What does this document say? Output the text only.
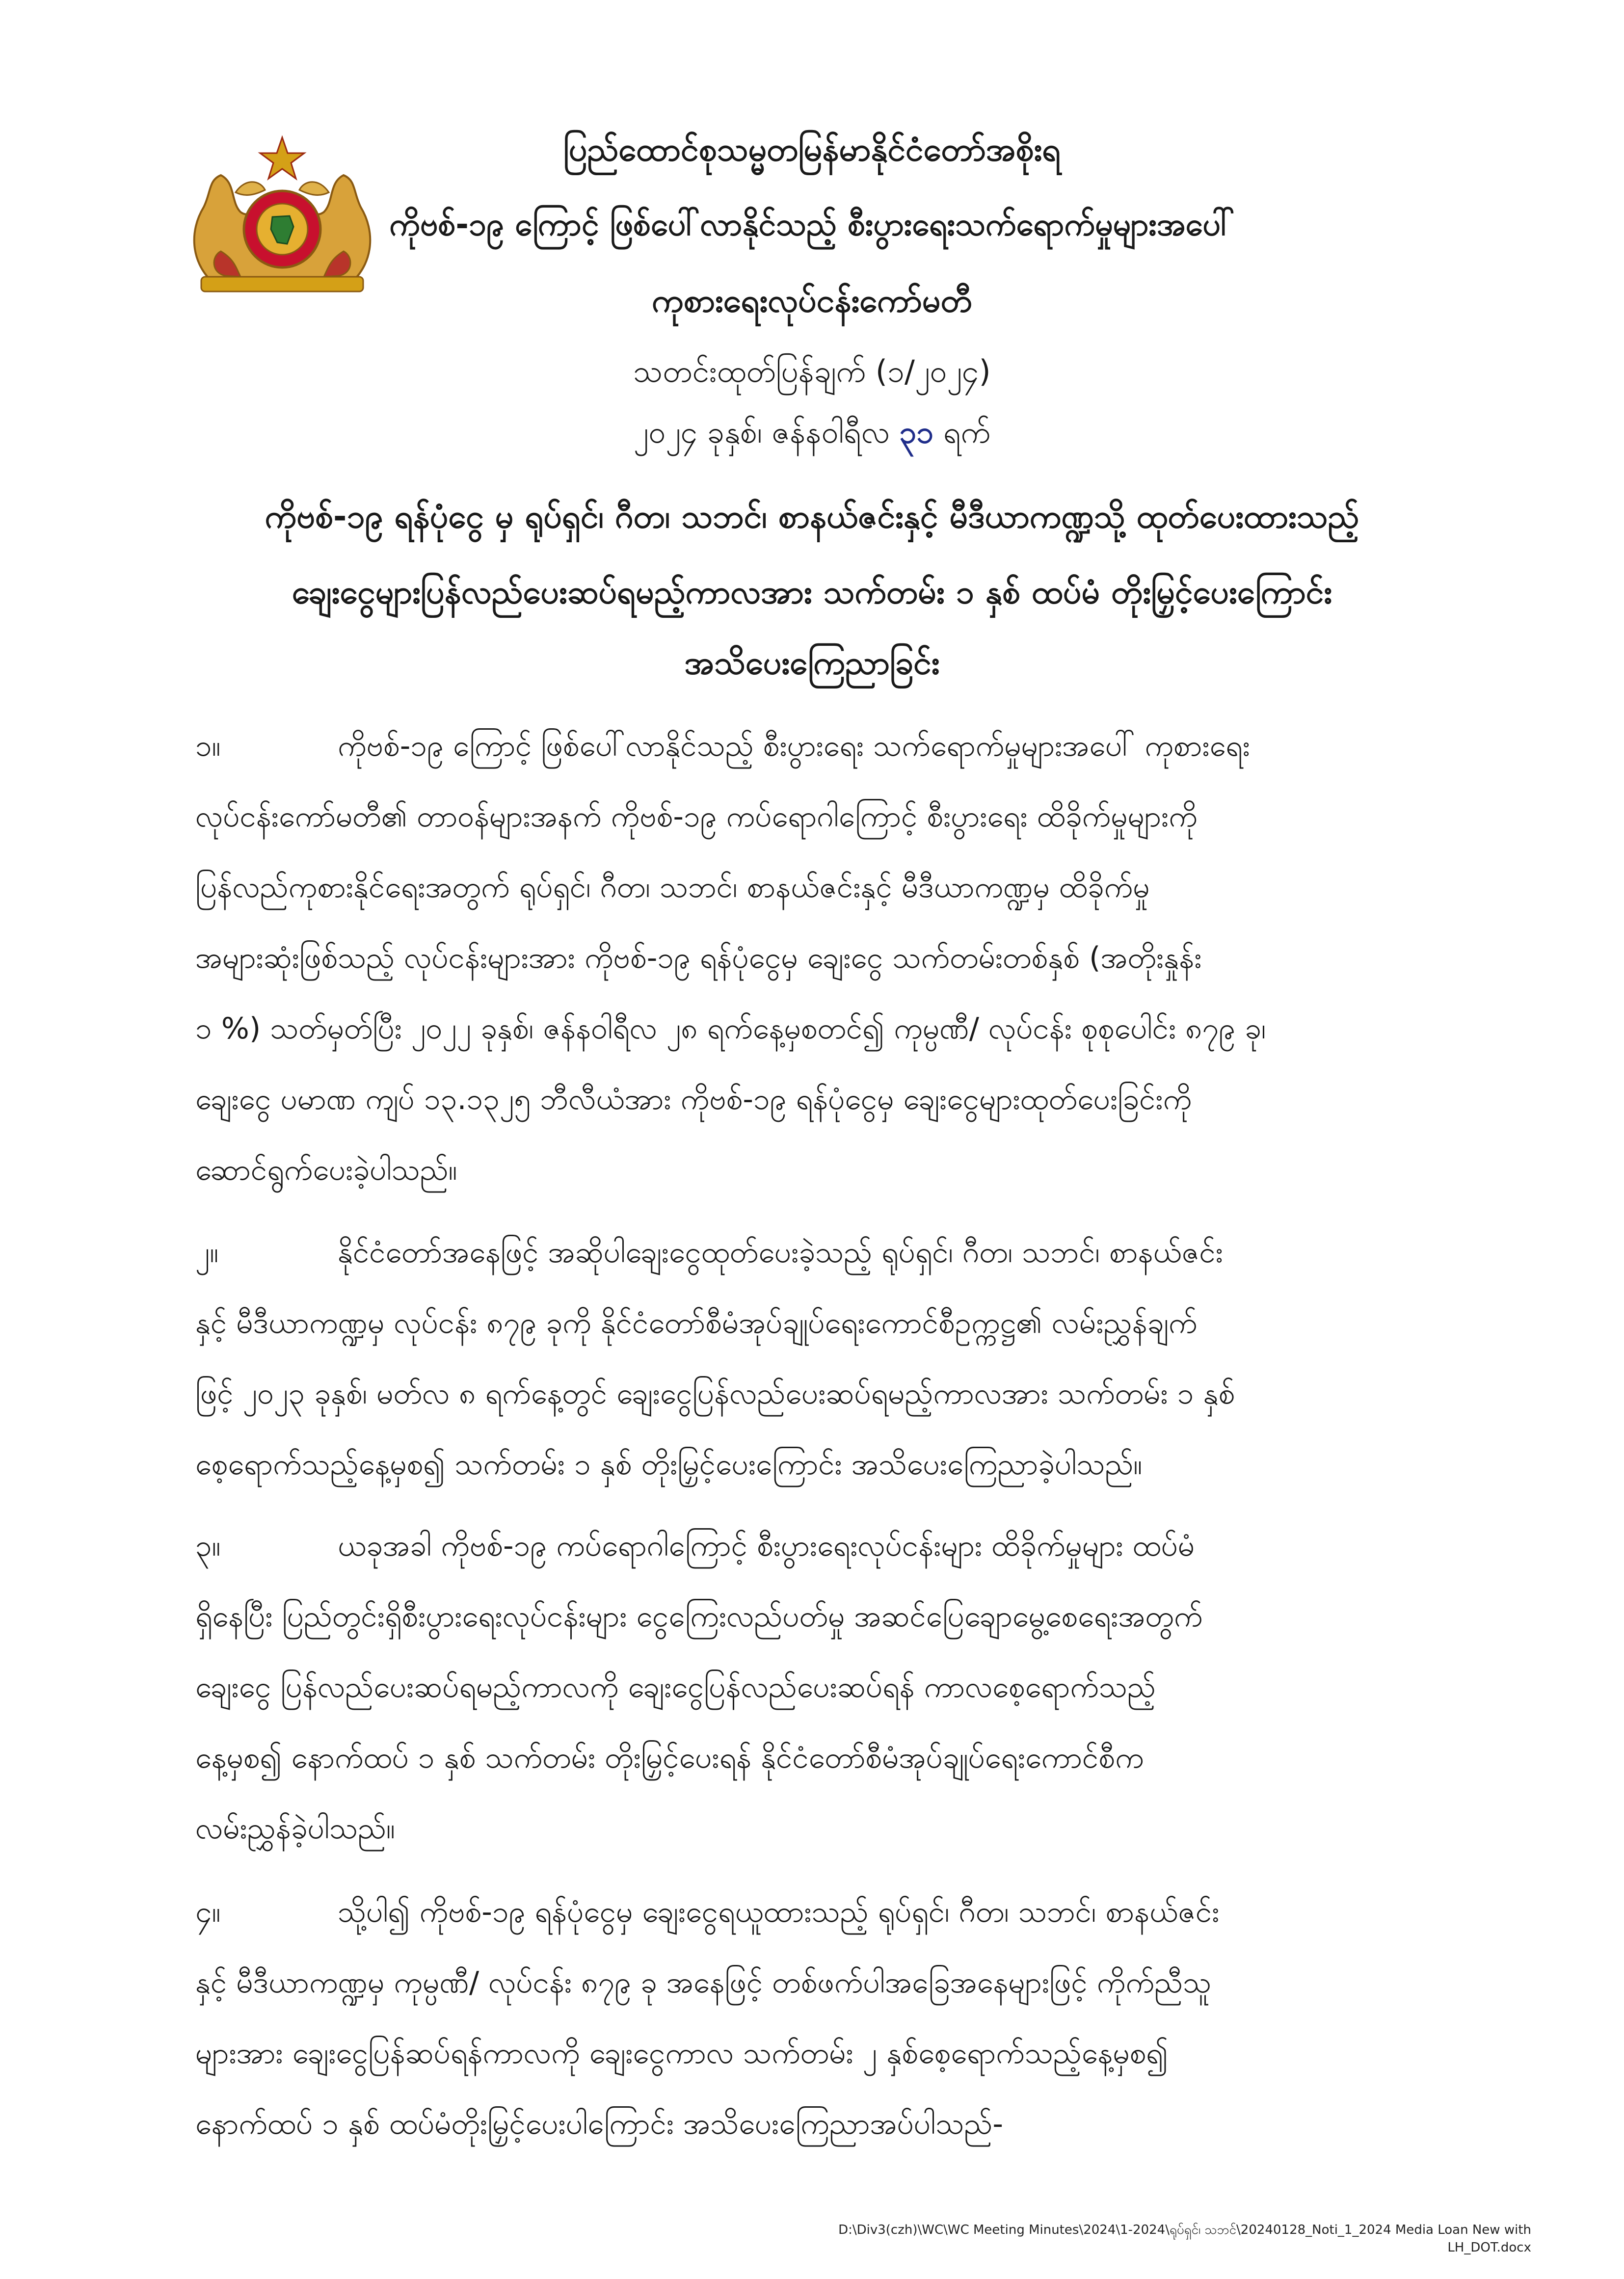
ပြည်ထောင်စုသမ္မတမြန်မာနိုင်ငံတော်အစိုးရ
ကိုဗစ်-၁၉ ကြောင့် ဖြစ်ပေါ်လာနိုင်သည့် စီးပွားရေးသက်ရောက်မှုများအပေါ်
ကုစားရေးလုပ်ငန်းကော်မတီ
သတင်းထုတ်ပြန်ချက် (၁/၂၀၂၄)
၂၀၂၄ ခုနှစ်၊ ဇန်နဝါရီလ ၃၁ ရက်
ကိုဗစ်-၁၉ ရန်ပုံငွေ မှ ရုပ်ရှင်၊ ဂီတ၊ သဘင်၊ စာနယ်ဇင်းနှင့် မီဒီယာကဏ္ဍသို့ ထုတ်ပေးထားသည့်
ချေးငွေများပြန်လည်ပေးဆပ်ရမည့်ကာလအား သက်တမ်း ၁ နှစ် ထပ်မံ တိုးမြှင့်ပေးကြောင်း
အသိပေးကြေညာခြင်း
၁။	ကိုဗစ်-၁၉ ကြောင့် ဖြစ်ပေါ်လာနိုင်သည့် စီးပွားရေး သက်ရောက်မှုများအပေါ် ကုစားရေး
လုပ်ငန်းကော်မတီ၏ တာဝန်များအနက် ကိုဗစ်-၁၉ ကပ်ရောဂါကြောင့် စီးပွားရေး ထိခိုက်မှုများကို
ပြန်လည်ကုစားနိုင်ရေးအတွက် ရုပ်ရှင်၊ ဂီတ၊ သဘင်၊ စာနယ်ဇင်းနှင့် မီဒီယာကဏ္ဍမှ ထိခိုက်မှု
အများဆုံးဖြစ်သည့် လုပ်ငန်းများအား ကိုဗစ်-၁၉ ရန်ပုံငွေမှ ချေးငွေ သက်တမ်းတစ်နှစ် (အတိုးနှုန်း
၁ %) သတ်မှတ်ပြီး ၂၀၂၂ ခုနှစ်၊ ဇန်နဝါရီလ ၂၈ ရက်နေ့မှစတင်၍ ကုမ္ပဏီ/ လုပ်ငန်း စုစုပေါင်း ၈၇၉ ခု၊
ချေးငွေ ပမာဏ ကျပ် ၁၃.၁၃၂၅ ဘီလီယံအား ကိုဗစ်-၁၉ ရန်ပုံငွေမှ ချေးငွေများထုတ်ပေးခြင်းကို
ဆောင်ရွက်ပေးခဲ့ပါသည်။
၂။	နိုင်ငံတော်အနေဖြင့် အဆိုပါချေးငွေထုတ်ပေးခဲ့သည့် ရုပ်ရှင်၊ ဂီတ၊ သဘင်၊ စာနယ်ဇင်း
နှင့် မီဒီယာကဏ္ဍမှ လုပ်ငန်း ၈၇၉ ခုကို နိုင်ငံတော်စီမံအုပ်ချုပ်ရေးကောင်စီဥက္ကဋ္ဌ၏ လမ်းညွှန်ချက်
ဖြင့် ၂၀၂၃ ခုနှစ်၊ မတ်လ ၈ ရက်နေ့တွင် ချေးငွေပြန်လည်ပေးဆပ်ရမည့်ကာလအား သက်တမ်း ၁ နှစ်
စေ့ရောက်သည့်နေ့မှစ၍ သက်တမ်း ၁ နှစ် တိုးမြှင့်ပေးကြောင်း အသိပေးကြေညာခဲ့ပါသည်။
၃။	ယခုအခါ ကိုဗစ်-၁၉ ကပ်ရောဂါကြောင့် စီးပွားရေးလုပ်ငန်းများ ထိခိုက်မှုများ ထပ်မံ
ရှိနေပြီး ပြည်တွင်းရှိစီးပွားရေးလုပ်ငန်းများ ငွေကြေးလည်ပတ်မှု အဆင်ပြေချောမွေ့စေရေးအတွက်
ချေးငွေ ပြန်လည်ပေးဆပ်ရမည့်ကာလကို ချေးငွေပြန်လည်ပေးဆပ်ရန် ကာလစေ့ရောက်သည့်
နေ့မှစ၍ နောက်ထပ် ၁ နှစ် သက်တမ်း တိုးမြှင့်ပေးရန် နိုင်ငံတော်စီမံအုပ်ချုပ်ရေးကောင်စီက
လမ်းညွှန်ခဲ့ပါသည်။
၄။	သို့ပါ၍ ကိုဗစ်-၁၉ ရန်ပုံငွေမှ ချေးငွေရယူထားသည့် ရုပ်ရှင်၊ ဂီတ၊ သဘင်၊ စာနယ်ဇင်း
နှင့် မီဒီယာကဏ္ဍမှ ကုမ္ပဏီ/ လုပ်ငန်း ၈၇၉ ခု အနေဖြင့် တစ်ဖက်ပါအခြေအနေများဖြင့် ကိုက်ညီသူ
များအား ချေးငွေပြန်ဆပ်ရန်ကာလကို ချေးငွေကာလ သက်တမ်း ၂ နှစ်စေ့ရောက်သည့်နေ့မှစ၍
နောက်ထပ် ၁ နှစ် ထပ်မံတိုးမြှင့်ပေးပါကြောင်း အသိပေးကြေညာအပ်ပါသည်-
D:\Div3(czh)\WC\WC Meeting Minutes\2024\1-2024\ရုပ်ရှင်၊ သဘင်\20240128_Noti_1_2024 Media Loan New with LH_DOT.docx
